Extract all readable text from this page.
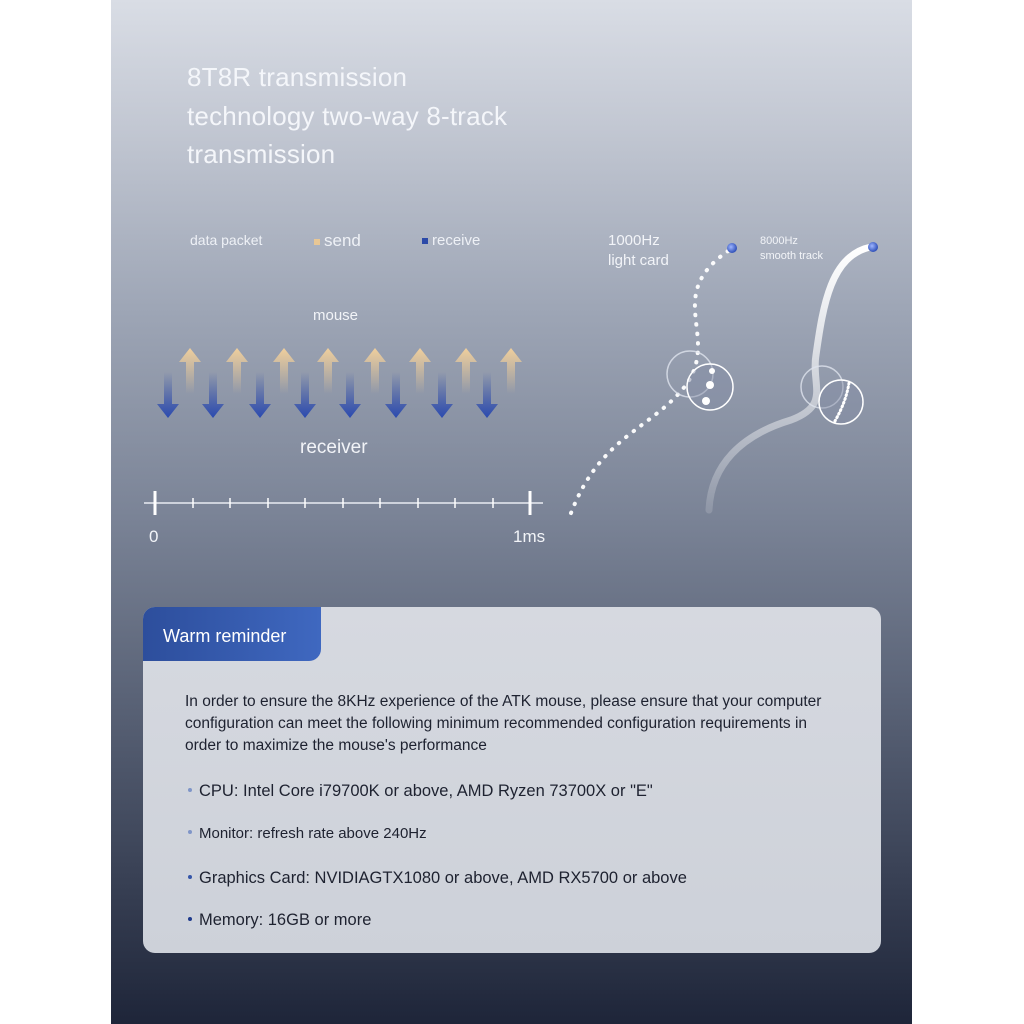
8T8R transmission technology two-way 8-track transmission
data packet	send	receive
mouse
receiver
0	1ms
1000Hz
light card
8000Hz
smooth track
Warm reminder
In order to ensure the 8KHz experience of the ATK mouse, please ensure that your computer configuration can meet the following minimum recommended configuration requirements in order to maximize the mouse's performance
CPU: Intel Core i79700K or above, AMD Ryzen 73700X or "E"
Monitor: refresh rate above 240Hz
Graphics Card: NVIDIAGTX1080 or above, AMD RX5700 or above
Memory: 16GB or more
